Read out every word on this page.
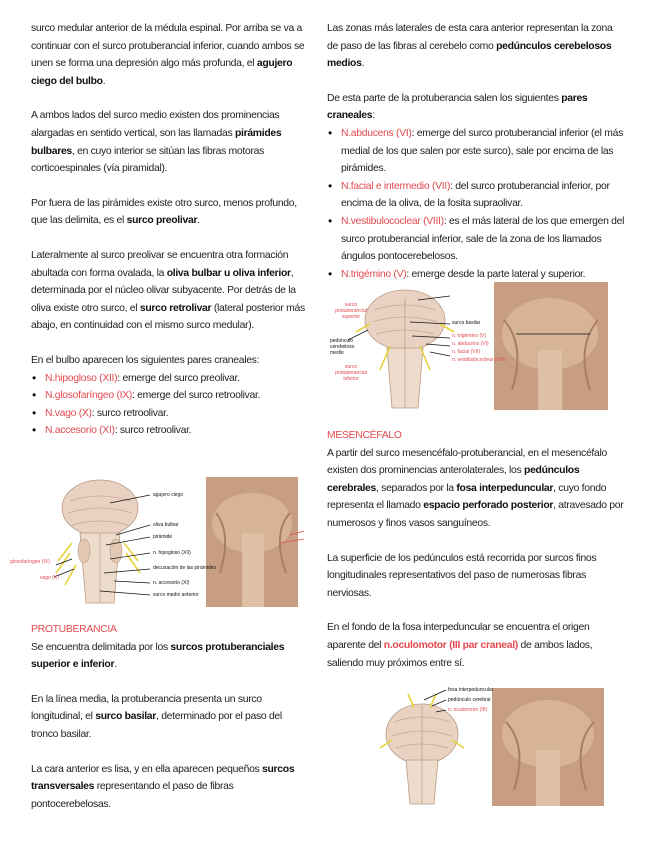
surco medular anterior de la médula espinal. Por arriba se va a continuar con el surco protuberancial inferior, cuando ambos se unen se forma una depresión algo más profunda, el agujero ciego del bulbo.

A ambos lados del surco medio existen dos prominencias alargadas en sentido vertical, son las llamadas pirámides bulbares, en cuyo interior se sitúan las fibras motoras corticoespinales (vía piramidal).

Por fuera de las pirámides existe otro surco, menos profundo, que las delimita, es el surco preolivar.

Lateralmente al surco preolivar se encuentra otra formación abultada con forma ovalada, la oliva bulbar u oliva inferior, determinada por el núcleo olivar subyacente. Por detrás de la oliva existe otro surco, el surco retrolivar (lateral posterior más abajo, en continuidad con el mismo surco medular).

En el bulbo aparecen los siguientes pares craneales:

• N.hipogloso (XII): emerge del surco preolivar.
• N.glosofaríngeo (IX): emerge del surco retroolivar.
• N.vago (X): surco retroolivar.
• N.accesorio (XI): surco retroolivar.
agujero ciego
oliva bulbar
pirámide
n. hipogloso (XII)
decusación de las pirámides
n. accesorio (XI)
surco medio anterior
glosofaríngeo (IX)
vago (X)

PROTUBERANCIA

Se encuentra delimitada por los surcos protuberanciales superior e inferior.

En la línea media, la protuberancia presenta un surco longitudinal, el surco basilar, determinado por el paso del tronco basilar.

La cara anterior es lisa, y en ella aparecen pequeños surcos transversales representando el paso de fibras pontocerebelosas.

Las zonas más laterales de esta cara anterior representan la zona de paso de las fibras al cerebelo como pedúnculos cerebelosos medios.

De esta parte de la protuberancia salen los siguientes pares craneales:

• N.abducens (VI): emerge del surco protuberancial inferior (el más medial de los que salen por este surco), sale por encima de las pirámides.
• N.facial e intermedio (VII): del surco protuberancial inferior, por encima de la oliva, de la fosita supraolivar.
• N.vestibulococlear (VIII): es el más lateral de los que emergen del surco protuberancial inferior, sale de la zona de los llamados ángulos pontocerebelosos.
• N.trigémino (V): emerge desde la parte lateral y superior.
surco protuberancial superior
pedúnculo cerebeloso medio
surco protuberancial inferior
surco basilar
n. trigémino (V)
n. abducens (VI)
n. facial (VII)
n. vestibulococlear (VIII)

MESENCÉFALO

A partir del surco mesencéfalo-protuberancial, en el mesencéfalo existen dos prominencias anterolaterales, los pedúnculos cerebrales, separados por la fosa interpeduncular, cuyo fondo representa el llamado espacio perforado posterior, atravesado por numerosos y finos vasos sanguíneos.

La superficie de los pedúnculos está recorrida por surcos finos longitudinales representativos del paso de numerosas fibras nerviosas.

En el fondo de la fosa interpeduncular se encuentra el origen aparente del n.oculomotor (III par craneal) de ambos lados, saliendo muy próximos entre sí.

fosa interpeduncular
pedúnculo cerebral
n. oculomotor (III)
